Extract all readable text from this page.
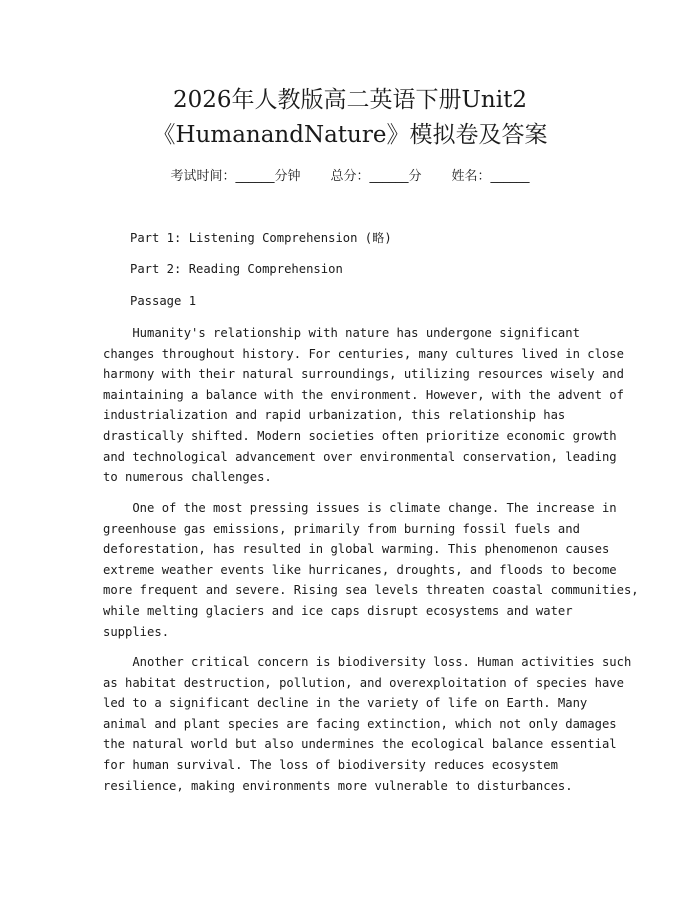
2026年人教版高二英语下册Unit2
《HumanandNature》模拟卷及答案
考试时间：______分钟 总分：______分 姓名：______
Part 1: Listening Comprehension (略)
Part 2: Reading Comprehension
Passage 1
Humanity's relationship with nature has undergone significant
changes throughout history. For centuries, many cultures lived in close
harmony with their natural surroundings, utilizing resources wisely and
maintaining a balance with the environment. However, with the advent of
industrialization and rapid urbanization, this relationship has
drastically shifted. Modern societies often prioritize economic growth
and technological advancement over environmental conservation, leading
to numerous challenges.
One of the most pressing issues is climate change. The increase in
greenhouse gas emissions, primarily from burning fossil fuels and
deforestation, has resulted in global warming. This phenomenon causes
extreme weather events like hurricanes, droughts, and floods to become
more frequent and severe. Rising sea levels threaten coastal communities,
while melting glaciers and ice caps disrupt ecosystems and water
supplies.
Another critical concern is biodiversity loss. Human activities such
as habitat destruction, pollution, and overexploitation of species have
led to a significant decline in the variety of life on Earth. Many
animal and plant species are facing extinction, which not only damages
the natural world but also undermines the ecological balance essential
for human survival. The loss of biodiversity reduces ecosystem
resilience, making environments more vulnerable to disturbances.
